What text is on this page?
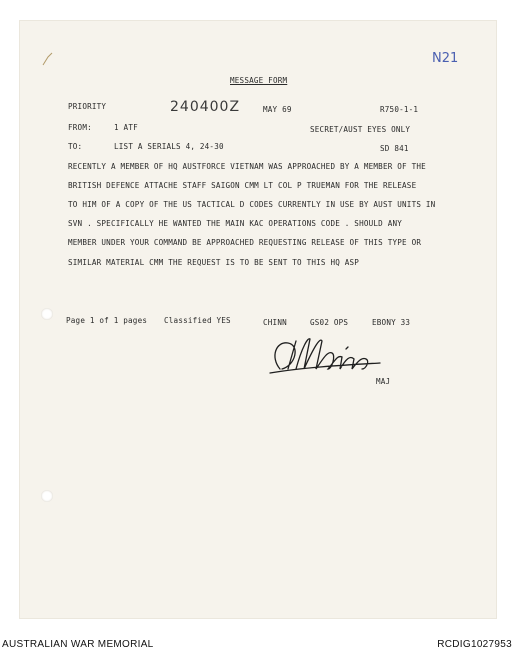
N21
MESSAGE FORM
PRIORITY	240400Z	MAY 69	R750-1-1
FROM:	1 ATF	SECRET/AUST EYES ONLY
TO:	LIST A SERIALS 4, 24-30	SD 841
RECENTLY A MEMBER OF HQ AUSTFORCE VIETNAM WAS APPROACHED BY A MEMBER OF THE
BRITISH DEFENCE ATTACHE STAFF SAIGON CMM LT COL P TRUEMAN FOR THE RELEASE
TO HIM OF A COPY OF THE US TACTICAL D CODES CURRENTLY IN USE BY AUST UNITS IN
SVN . SPECIFICALLY HE WANTED THE MAIN KAC OPERATIONS CODE . SHOULD ANY
MEMBER UNDER YOUR COMMAND BE APPROACHED REQUESTING RELEASE OF THIS TYPE OR
SIMILAR MATERIAL CMM THE REQUEST IS TO BE SENT TO THIS HQ ASP
Page 1 of 1 pages Classified YES	CHINN	GS02 OPS	EBONY 33
MAJ
AUSTRALIAN WAR MEMORIAL	RCDIG1027953
